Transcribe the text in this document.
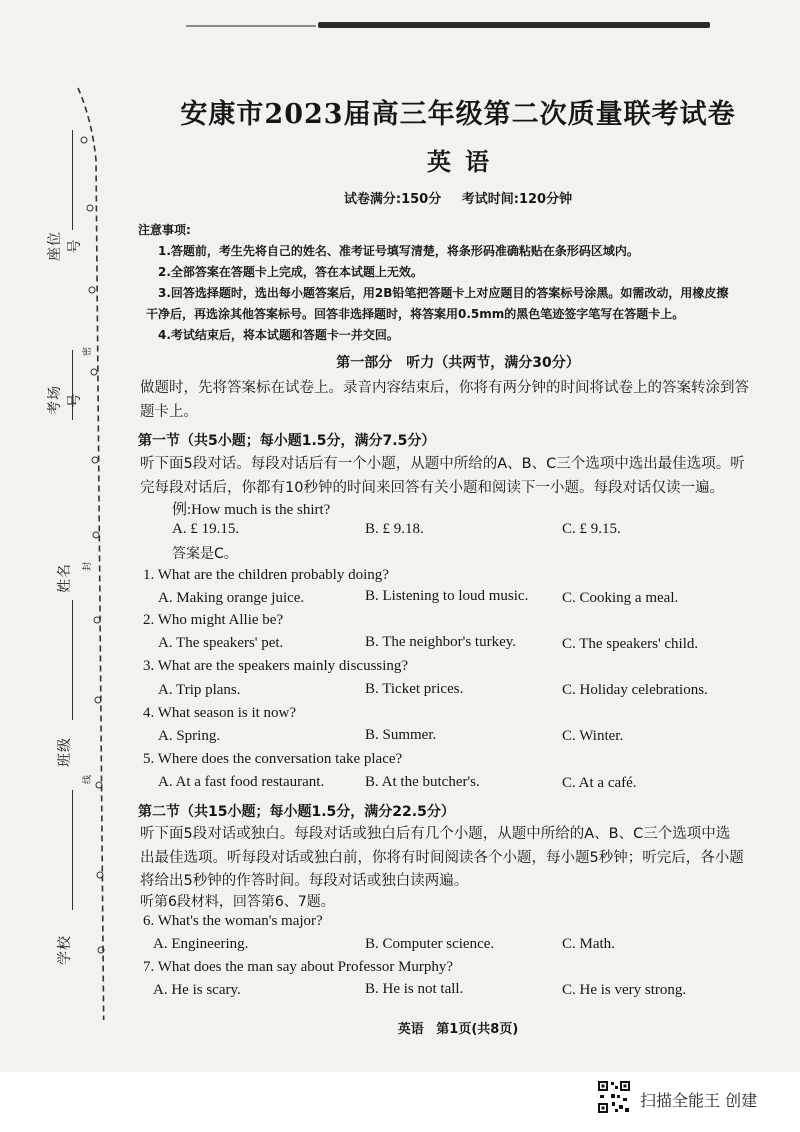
座位号
考场号
姓名
班级
学校
密
封
线
安康市2023届高三年级第二次质量联考试卷
英语
试卷满分:150分 考试时间:120分钟
注意事项:
1.答题前，考生先将自己的姓名、准考证号填写清楚，将条形码准确粘贴在条形码区域内。
2.全部答案在答题卡上完成，答在本试题上无效。
3.回答选择题时，选出每小题答案后，用2B铅笔把答题卡上对应题目的答案标号涂黑。如需改动，用橡皮擦
干净后，再选涂其他答案标号。回答非选择题时，将答案用0.5mm的黑色笔迹签字笔写在答题卡上。
4.考试结束后，将本试题和答题卡一并交回。
第一部分　听力（共两节，满分30分）
做题时，先将答案标在试卷上。录音内容结束后，你将有两分钟的时间将试卷上的答案转涂到答
题卡上。
第一节（共5小题；每小题1.5分，满分7.5分）
听下面5段对话。每段对话后有一个小题，从题中所给的A、B、C三个选项中选出最佳选项。听
完每段对话后，你都有10秒钟的时间来回答有关小题和阅读下一小题。每段对话仅读一遍。
例:How much is the shirt?
A. £ 19.15.	B. £ 9.18.	C. £ 9.15.
答案是C。
1. What are the children probably doing?
A. Making orange juice.	B. Listening to loud music. C. Cooking a meal.
2. Who might Allie be?
A. The speakers' pet.	B. The neighbor's turkey.	C. The speakers' child.
3. What are the speakers mainly discussing?
A. Trip plans.	B. Ticket prices.	C. Holiday celebrations.
4. What season is it now?
A. Spring.	B. Summer.	C. Winter.
5. Where does the conversation take place?
A. At a fast food restaurant.	B. At the butcher's.	C. At a café.
第二节（共15小题；每小题1.5分，满分22.5分）
听下面5段对话或独白。每段对话或独白后有几个小题，从题中所给的A、B、C三个选项中选
出最佳选项。听每段对话或独白前，你将有时间阅读各个小题，每小题5秒钟；听完后，各小题
将给出5秒钟的作答时间。每段对话或独白读两遍。
听第6段材料，回答第6、7题。
6. What's the woman's major?
A. Engineering.	B. Computer science.	C. Math.
7. What does the man say about Professor Murphy?
A. He is scary.	B. He is not tall.	C. He is very strong.
英语 第1页(共8页)
扫描全能王 创建
